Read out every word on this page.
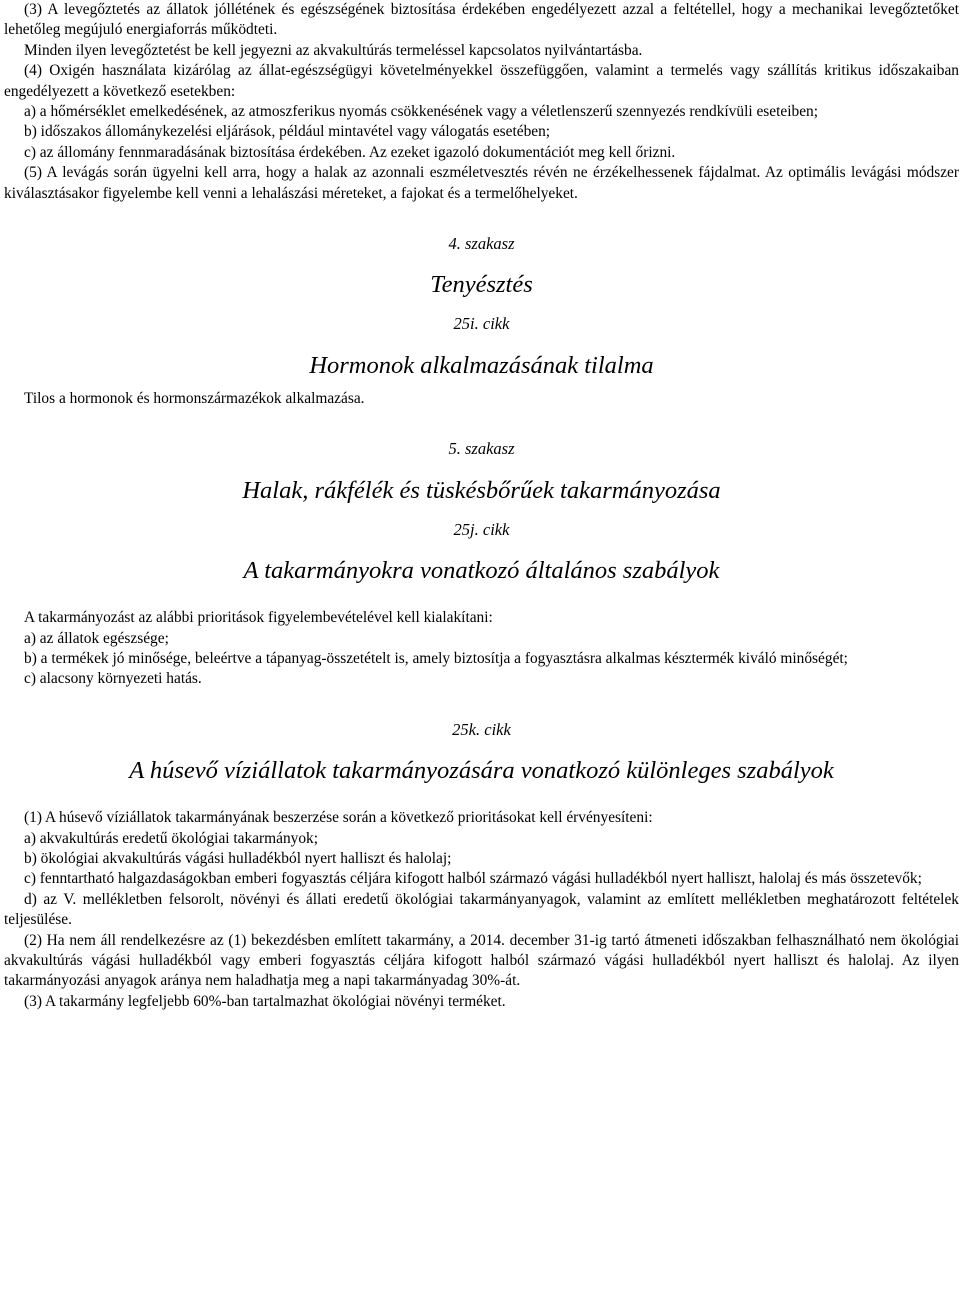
(3) A levegőztetés az állatok jóllétének és egészségének biztosítása érdekében engedélyezett azzal a feltétellel, hogy a mechanikai levegőztetőket lehetőleg megújuló energiaforrás működteti.

Minden ilyen levegőztetést be kell jegyezni az akvakultúrás termeléssel kapcsolatos nyilvántartásba.

(4) Oxigén használata kizárólag az állat-egészségügyi követelményekkel összefüggően, valamint a termelés vagy szállítás kritikus időszakaiban engedélyezett a következő esetekben:

a) a hőmérséklet emelkedésének, az atmoszferikus nyomás csökkenésének vagy a véletlenszerű szennyezés rendkívüli eseteiben;

b) időszakos állománykezelési eljárások, például mintavétel vagy válogatás esetében;

c) az állomány fennmaradásának biztosítása érdekében. Az ezeket igazoló dokumentációt meg kell őrizni.

(5) A levágás során ügyelni kell arra, hogy a halak az azonnali eszméletvesztés révén ne érzékelhessenek fájdalmat. Az optimális levágási módszer kiválasztásakor figyelembe kell venni a lehalászási méreteket, a fajokat és a termelőhelyeket.

4. szakasz

Tenyésztés

25i. cikk

Hormonok alkalmazásának tilalma

Tilos a hormonok és hormonszármazékok alkalmazása.

5. szakasz

Halak, rákfélék és tüskésbőrűek takarmányozása

25j. cikk

A takarmányokra vonatkozó általános szabályok

A takarmányozást az alábbi prioritások figyelembevételével kell kialakítani:

a) az állatok egészsége;

b) a termékek jó minősége, beleértve a tápanyag-összetételt is, amely biztosítja a fogyasztásra alkalmas késztermék kiváló minőségét;

c) alacsony környezeti hatás.

25k. cikk

A húsevő víziállatok takarmányozására vonatkozó különleges szabályok

(1) A húsevő víziállatok takarmányának beszerzése során a következő prioritásokat kell érvényesíteni:

a) akvakultúrás eredetű ökológiai takarmányok;

b) ökológiai akvakultúrás vágási hulladékból nyert halliszt és halolaj;

c) fenntartható halgazdaságokban emberi fogyasztás céljára kifogott halból származó vágási hulladékból nyert halliszt, halolaj és más összetevők;

d) az V. mellékletben felsorolt, növényi és állati eredetű ökológiai takarmányanyagok, valamint az említett mellékletben meghatározott feltételek teljesülése.

(2) Ha nem áll rendelkezésre az (1) bekezdésben említett takarmány, a 2014. december 31-ig tartó átmeneti időszakban felhasználható nem ökológiai akvakultúrás vágási hulladékból vagy emberi fogyasztás céljára kifogott halból származó vágási hulladékból nyert halliszt és halolaj. Az ilyen takarmányozási anyagok aránya nem haladhatja meg a napi takarmányadag 30%-át.

(3) A takarmány legfeljebb 60%-ban tartalmazhat ökológiai növényi terméket.
